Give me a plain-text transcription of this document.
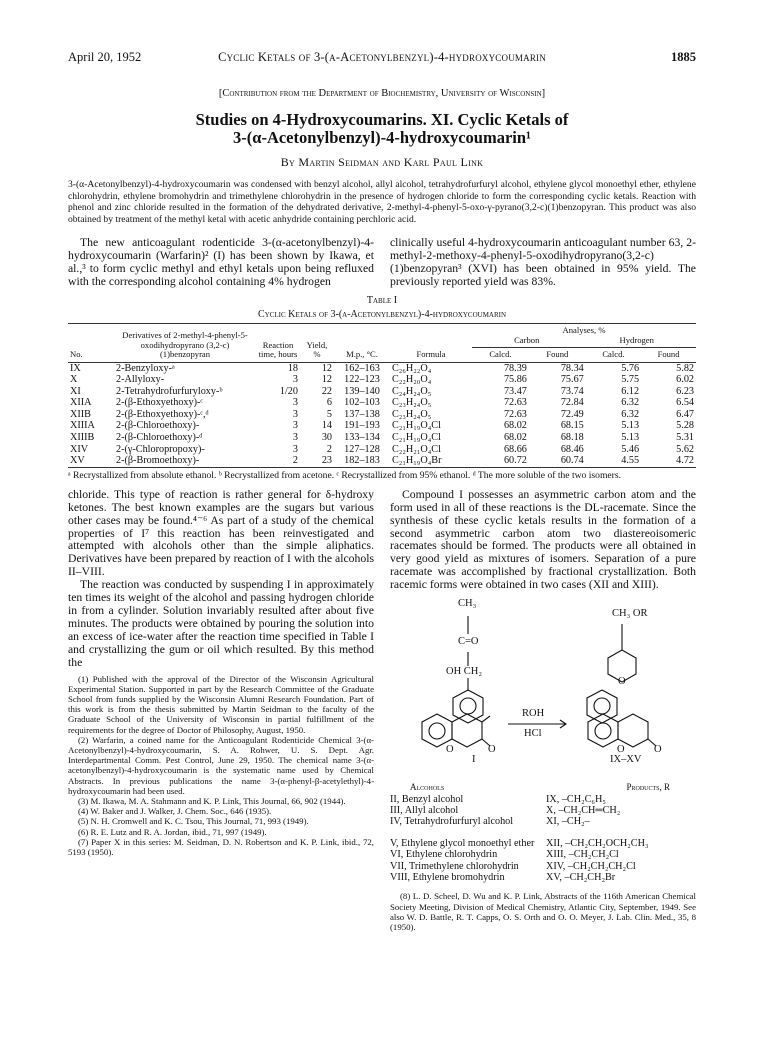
April 20, 1952	Cyclic Ketals of 3-(α-Acetonylbenzyl)-4-hydroxycoumarin	1885
[Contribution from the Department of Biochemistry, University of Wisconsin]
Studies on 4-Hydroxycoumarins. XI. Cyclic Ketals of
3-(α-Acetonylbenzyl)-4-hydroxycoumarin¹
By Martin Seidman and Karl Paul Link
3-(α-Acetonylbenzyl)-4-hydroxycoumarin was condensed with benzyl alcohol, allyl alcohol, tetrahydrofurfuryl alcohol, ethylene glycol monoethyl ether, ethylene chlorohydrin, ethylene bromohydrin and trimethylene chlorohydrin in the presence of hydrogen chloride to form the corresponding cyclic ketals. Reaction with phenol and zinc chloride resulted in the formation of the dehydrated derivative, 2-methyl-4-phenyl-5-oxo-γ-pyrano(3,2-c)(1)benzopyran. This product was also obtained by treatment of the methyl ketal with acetic anhydride containing perchloric acid.

The new anticoagulant rodenticide 3-(α-acetonylbenzyl)-4-hydroxycoumarin (Warfarin)² (I) has been shown by Ikawa, et al.,³ to form cyclic methyl and ethyl ketals upon being refluxed with the corresponding alcohol containing 4% hydrogen

clinically useful 4-hydroxycoumarin anticoagulant number 63, 2-methyl-2-methoxy-4-phenyl-5-oxodihydropyrano(3,2-c)(1)benzopyran³ (XVI) has been obtained in 95% yield. The previously reported yield was 83%.

Table I
Cyclic Ketals of 3-(α-Acetonylbenzyl)-4-hydroxycoumarin
No.	Derivatives of 2-methyl-4-phenyl-5-oxodihydropyrano (3,2-c)(1)benzopyran	Reaction time, hours	Yield, %	M.p., °C.	Formula	Analyses, %
Carbon Hydrogen			

						Calcd.	Found	Calcd.	Found
IX	2-Benzyloxy-ᵃ	18	12	162–163	C₂₆H₂₂O₄	78.39	78.34	5.76	5.82
X	2-Allyloxy-	3	12	122–123	C₂₂H₂₀O₄	75.86	75.67	5.75	6.02
XI	2-Tetrahydrofurfuryloxy-ᵇ	1/20	22	139–140	C₂₄H₂₄O₅	73.47	73.74	6.12	6.23
XIIA	2-(β-Ethoxyethoxy)-ᶜ	3	6	102–103	C₂₃H₂₄O₅	72.63	72.84	6.32	6.54
XIIB	2-(β-Ethoxyethoxy)-ᶜ,ᵈ	3	5	137–138	C₂₃H₂₄O₅	72.63	72.49	6.32	6.47
XIIIA	2-(β-Chloroethoxy)-	3	14	191–193	C₂₁H₁₉O₄Cl	68.02	68.15	5.13	5.28
XIIIB	2-(β-Chloroethoxy)-ᵈ	3	30	133–134	C₂₁H₁₉O₄Cl	68.02	68.18	5.13	5.31
XIV	2-(γ-Chloropropoxy)-	3	2	127–128	C₂₂H₂₁O₄Cl	68.66	68.46	5.46	5.62
XV	2-(β-Bromoethoxy)-	2	23	182–183	C₂₁H₁₉O₄Br	60.72	60.74	4.55	4.72
ᵃ Recrystallized from absolute ethanol. ᵇ Recrystallized from acetone. ᶜ Recrystallized from 95% ethanol. ᵈ The more soluble of the two isomers.

chloride. This type of reaction is rather general for δ-hydroxy ketones. The best known examples are the sugars but various other cases may be found.⁴⁻⁶ As part of a study of the chemical properties of I⁷ this reaction has been reinvestigated and attempted with alcohols other than the simple aliphatics. Derivatives have been prepared by reaction of I with the alcohols II–VIII.

The reaction was conducted by suspending I in approximately ten times its weight of the alcohol and passing hydrogen chloride in from a cylinder. Solution invariably resulted after about five minutes. The products were obtained by pouring the solution into an excess of ice-water after the reaction time specified in Table I and crystallizing the gum or oil which resulted. By this method the

(1) Published with the approval of the Director of the Wisconsin Agricultural Experimental Station. Supported in part by the Research Committee of the Graduate School from funds supplied by the Wisconsin Alumni Research Foundation. Part of this work is from the thesis submitted by Martin Seidman to the faculty of the Graduate School of the University of Wisconsin in partial fulfillment of the requirements for the degree of Doctor of Philosophy, August, 1950.

(2) Warfarin, a coined name for the Anticoagulant Rodenticide Chemical 3-(α-Acetonylbenzyl)-4-hydroxycoumarin, S. A. Rohwer, U. S. Dept. Agr. Interdepartmental Comm. Pest Control, June 29, 1950. The chemical name 3-(α-acetonylbenzyl)-4-hydroxycoumarin is the systematic name used by Chemical Abstracts. In previous publications the name 3-(α-phenyl-β-acetylethyl)-4-hydroxycoumarin had been used.

(3) M. Ikawa, M. A. Stahmann and K. P. Link, This Journal, 66, 902 (1944).

(4) W. Baker and J. Walker, J. Chem. Soc., 646 (1935).

(5) N. H. Cromwell and K. C. Tsou, This Journal, 71, 993 (1949).

(6) R. E. Lutz and R. A. Jordan, ibid., 71, 997 (1949).

(7) Paper X in this series: M. Seidman, D. N. Robertson and K. P. Link, ibid., 72, 5193 (1950).

Compound I possesses an asymmetric carbon atom and the form used in all of these reactions is the DL-racemate. Since the synthesis of these cyclic ketals results in the formation of a second asymmetric carbon atom two diastereoisomeric racemates should be formed. The products were all obtained in very good yield as mixtures of isomers. Separation of a pure racemate was accomplished by fractional crystallization. Both racemic forms were obtained in two cases (XII and XIII).

CH₃
C=O
OH CH₂
CH₃ OR
ROH
HCl
I	IX–XV
O	O	O	O
O
Alcohols	Products, R
II, Benzyl alcohol	IX, –CH₂C₆H₅
III, Allyl alcohol	X, –CH₂CH═CH₂
IV, Tetrahydrofurfuryl alcohol	XI, –CH₂–
V, Ethylene glycol monoethyl ether	XII, –CH₂CH₂OCH₂CH₃
VI, Ethylene chlorohydrin	XIII, –CH₂CH₂Cl
VII, Trimethylene chlorohydrin	XIV, –CH₂CH₂CH₂Cl
VIII, Ethylene bromohydrin	XV, –CH₂CH₂Br
(8) L. D. Scheel, D. Wu and K. P. Link, Abstracts of the 116th American Chemical Society Meeting, Division of Medical Chemistry, Atlantic City, September, 1949. See also W. D. Battle, R. T. Capps, O. S. Orth and O. O. Meyer, J. Lab. Clin. Med., 35, 8 (1950).
